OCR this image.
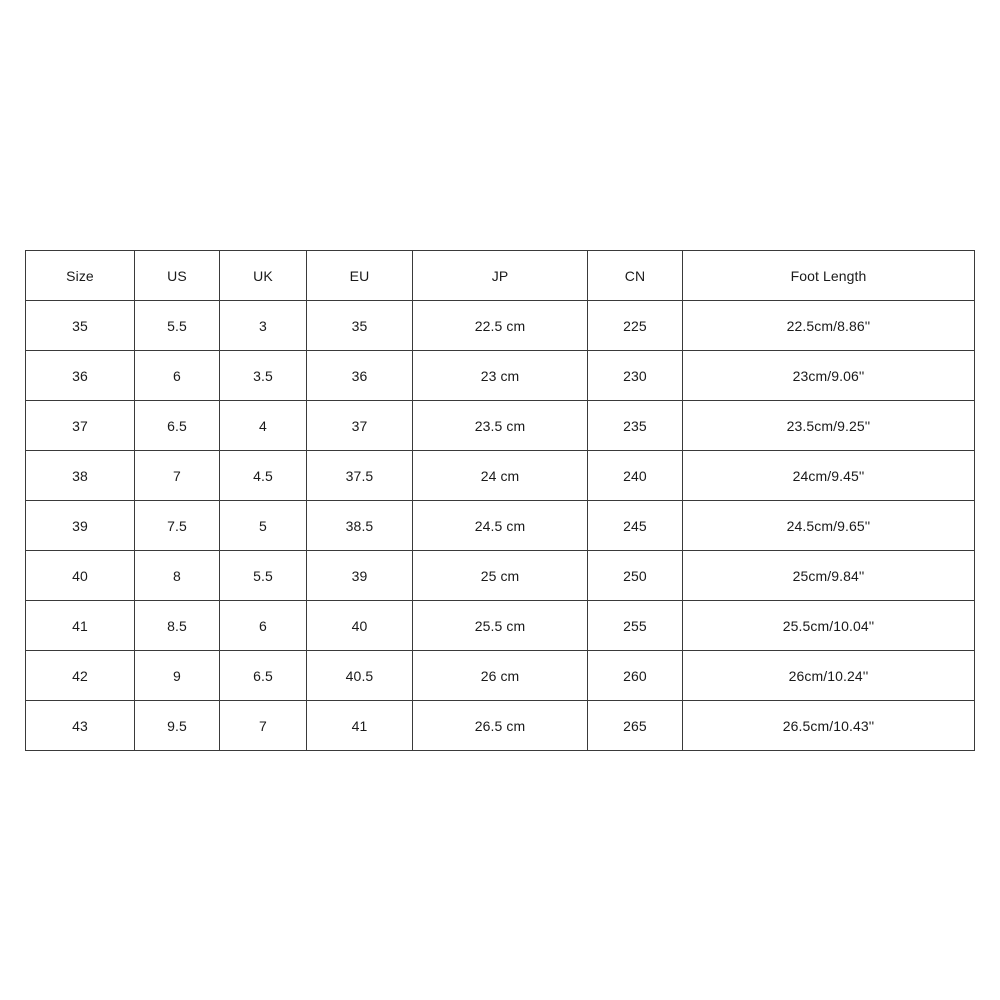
Size	US	UK	EU	JP	CN	Foot Length
35	5.5	3	35	22.5 cm	225	22.5cm/8.86''
36	6	3.5	36	23 cm	230	23cm/9.06''
37	6.5	4	37	23.5 cm	235	23.5cm/9.25''
38	7	4.5	37.5	24 cm	240	24cm/9.45''
39	7.5	5	38.5	24.5 cm	245	24.5cm/9.65''
40	8	5.5	39	25 cm	250	25cm/9.84''
41	8.5	6	40	25.5 cm	255	25.5cm/10.04''
42	9	6.5	40.5	26 cm	260	26cm/10.24''
43	9.5	7	41	26.5 cm	265	26.5cm/10.43''
